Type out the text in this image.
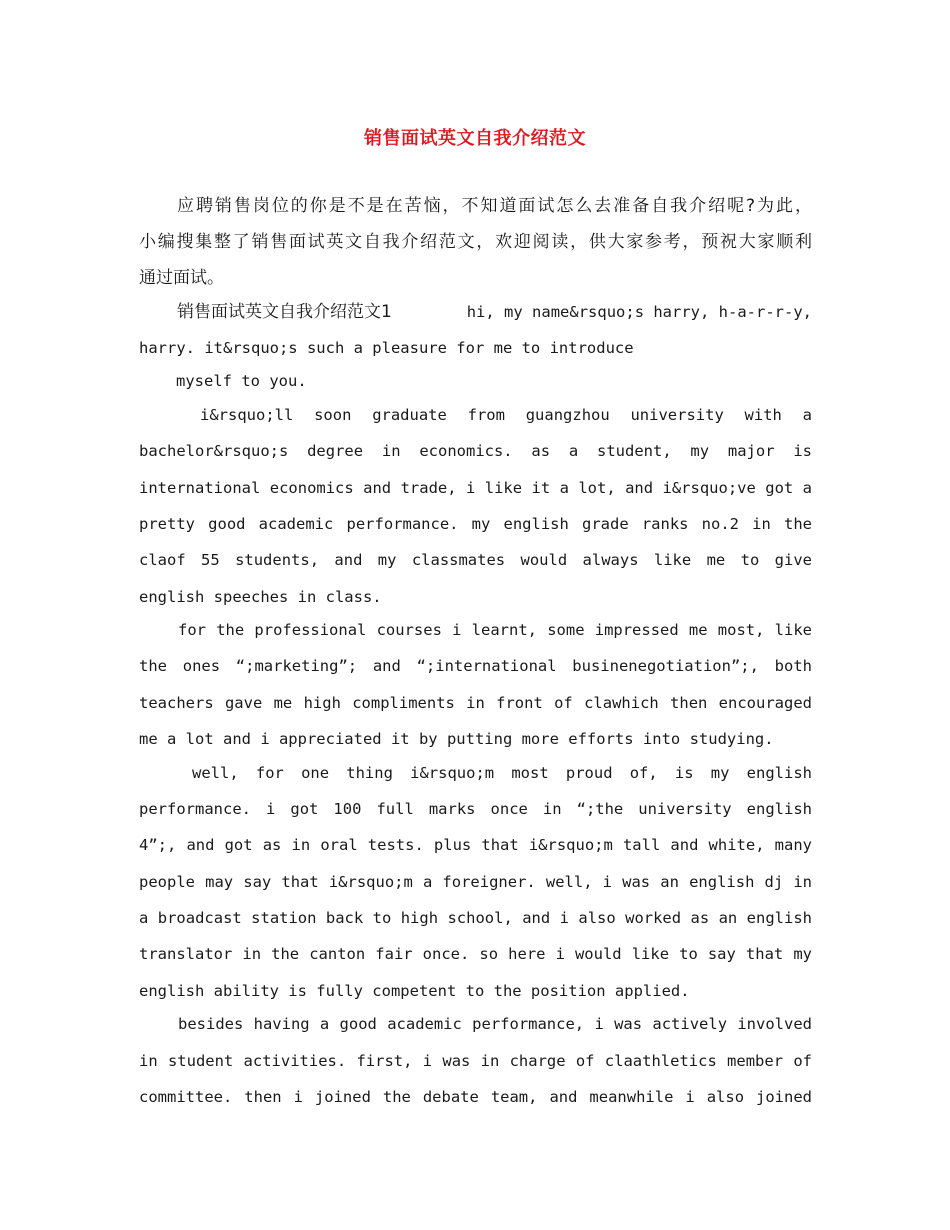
销售面试英文自我介绍范文
应聘销售岗位的你是不是在苦恼，不知道面试怎么去准备自我介绍呢?为此，
小编搜集整了销售面试英文自我介绍范文，欢迎阅读，供大家参考，预祝大家顺利
通过面试。
销售面试英文自我介绍范文1	hi, my name&rsquo;s harry, h-a-r-r-y,
harry. it&rsquo;s such a pleasure for me to introduce
myself to you.
i&rsquo;ll soon graduate from guangzhou university with a
bachelor&rsquo;s degree in economics. as a student, my major is
international economics and trade, i like it a lot, and i&rsquo;ve got a
pretty good academic performance. my english grade ranks no.2 in the
claof 55 students, and my classmates would always like me to give
english speeches in class.
for the professional courses i learnt, some impressed me most, like
the ones “;marketing”; and “;international businenegotiation”;, both
teachers gave me high compliments in front of clawhich then encouraged
me a lot and i appreciated it by putting more efforts into studying.
well, for one thing i&rsquo;m most proud of, is my english
performance. i got 100 full marks once in “;the university english
4”;, and got as in oral tests. plus that i&rsquo;m tall and white, many
people may say that i&rsquo;m a foreigner. well, i was an english dj in
a broadcast station back to high school, and i also worked as an english
translator in the canton fair once. so here i would like to say that my
english ability is fully competent to the position applied.
besides having a good academic performance, i was actively involved
in student activities. first, i was in charge of claathletics member of
committee. then i joined the debate team, and meanwhile i also joined
